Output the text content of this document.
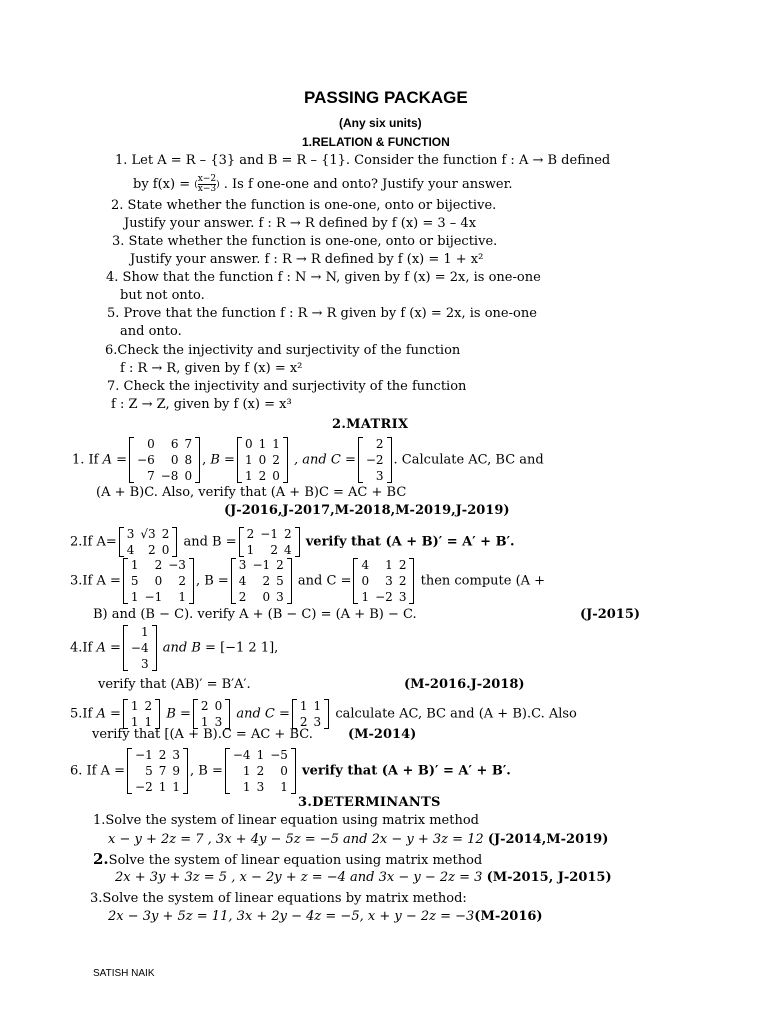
PASSING PACKAGE
(Any six units)
1.RELATION & FUNCTION
1. Let A = R – {3} and B = R – {1}. Consider the function f : A → B defined
by f(x) = ( $\frac{x-2}{x-3}$ ) . Is f one-one and onto? Justify your answer.
2. State whether the function is one-one, onto or bijective.
Justify your answer. f : R → R defined by f (x) = 3 – 4x
3. State whether the function is one-one, onto or bijective.
Justify your answer. f : R → R defined by f (x) = 1 + x²
4. Show that the function f : N → N, given by f (x) = 2x, is one-one
but not onto.
5. Prove that the function f : R → R given by f (x) = 2x, is one-one
and onto.
6.Check the injectivity and surjectivity of the function
f : R → R, given by f (x) = x²
7. Check the injectivity and surjectivity of the function
f : Z → Z, given by f (x) = x³
2.MATRIX
1. If A =
0	6	7
−6	0	8
7	−8	0
, B =
0	1	1
1	0	2
1	2	0
, and C =
2
−2
3
. Calculate AC, BC and
(A + B)C. Also, verify that (A + B)C = AC + BC
(J-2016,J-2017,M-2018,M-2019,J-2019)
2.If A=
3	√3	2
4	2	0
and B =
2	−1	2
1	2	4
verify that (A + B)′ = A′ + B′.
3.If A =
1	2	−3
5	0	2
1	−1	1
, B =
3	−1	2
4	2	5
2	0	3
and C =
4	1	2
0	3	2
1	−2	3
then compute (A +
B) and (B − C). verify A + (B − C) = (A + B) − C.	(J-2015)
4.If A =
1
−4
3
and B = [−1 2 1],
verify that (AB)′ = B′A′.	(M-2016.J-2018)
5.If A =
1	2
1	1
B =
2	0
1	3
and C =
1	1
2	3
calculate AC, BC and (A + B).C. Also
verify that [(A + B).C = AC + BC.	(M-2014)
6. If A =
−1	2	3
5	7	9
−2	1	1
, B =
−4	1	−5
1	2	0
1	3	1
verify that (A + B)′ = A′ + B′.
3.DETERMINANTS
1.Solve the system of linear equation using matrix method
x − y + 2z = 7 , 3x + 4y − 5z = −5 and 2x − y + 3z = 12 (J-2014,M-2019)
2.Solve the system of linear equation using matrix method
2x + 3y + 3z = 5 , x − 2y + z = −4 and 3x − y − 2z = 3 (M-2015, J-2015)
3.Solve the system of linear equations by matrix method:
2x − 3y + 5z = 11, 3x + 2y − 4z = −5, x + y − 2z = −3(M-2016)
SATISH NAIK
